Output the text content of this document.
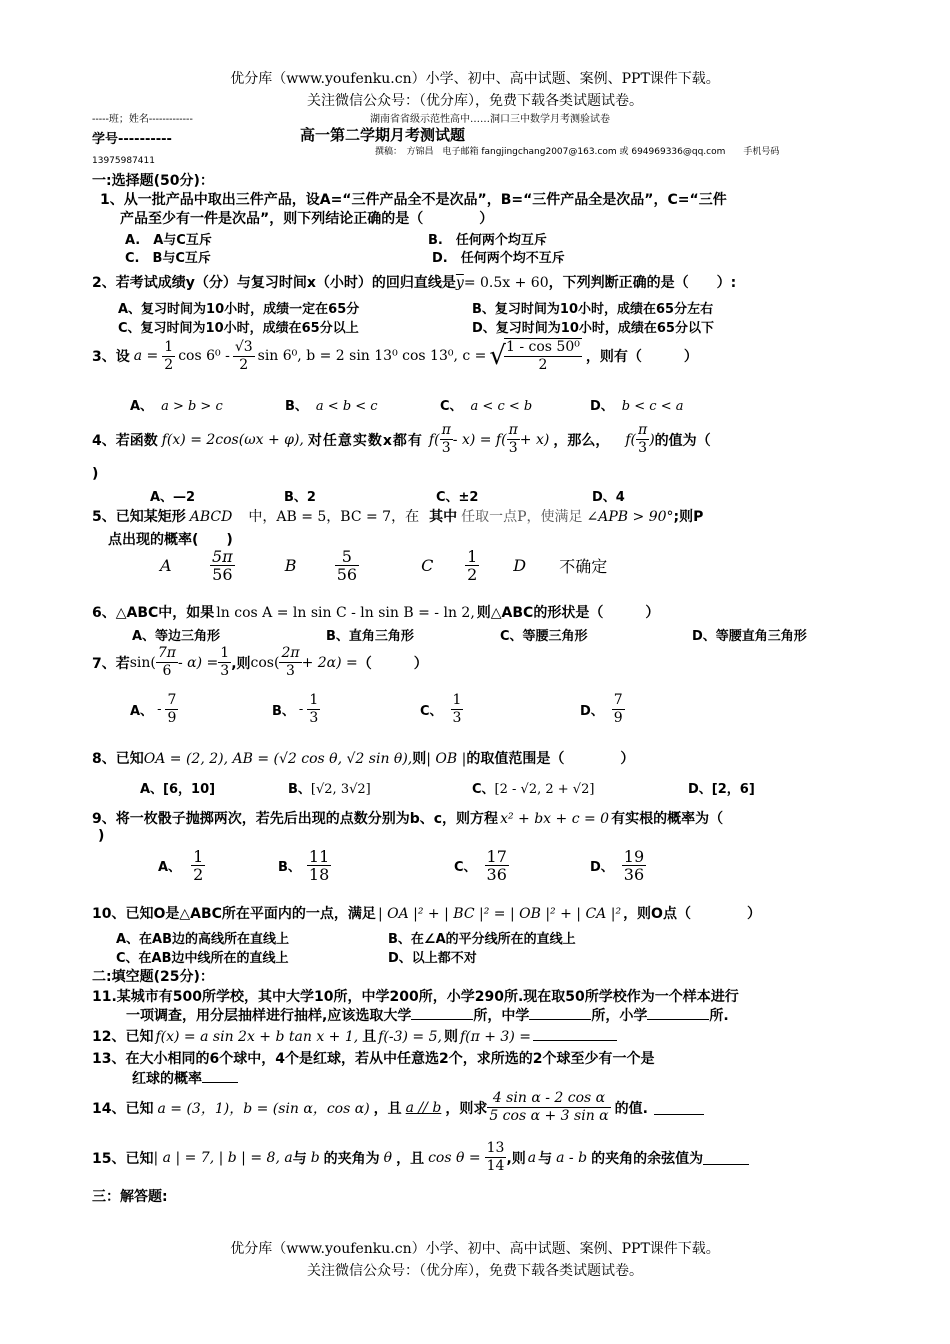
优分库（www.youfenku.cn）小学、初中、高中试题、案例、PPT课件下载。
关注微信公众号：（优分库），免费下载各类试题试卷。
-----班；姓名-------------	湖南省省级示范性高中……洞口三中数学月考测验试卷
学号----------	高一第二学期月考测试题
撰稿：　方锦昌　电子邮箱 fangjingchang2007@163.com 或 694969336@qq.com　　手机号码
13975987411
一:选择题(50分)：
1、从一批产品中取出三件产品，设A=“三件产品全不是次品”，B=“三件产品全是次品”，C=“三件
产品至少有一件是次品”，则下列结论正确的是（　　　　）
A.　A与C互斥	B.　任何两个均互斥
C.　B与C互斥	D.　任何两个均不互斥
2、若考试成绩y（分）与复习时间x（小时）的回归直线是$\overline{y}= 0.5x + 60$，下列判断正确的是（　　）:
A、复习时间为10小时，成绩一定在65分	B、复习时间为10小时，成绩在65分左右
C、复习时间为10小时，成绩在65分以上	D、复习时间为10小时，成绩在65分以下
3、设 $a = \frac{1}{2}$ $\cos 6^0 - \frac{√3}{2}$ sin 6⁰, b = 2 sin 13⁰ cos 13⁰, c = √
$\frac{\text{1 - cos 50⁰}}{2}$ ，则有（　　　）
A、 a > b > c	B、 a < b < c	C、 a < c < b	D、 b < c < a
4、若函数 f(x) = 2cos(ωx + φ), 对任意实数x都有 $f( \frac{\pi}{3} - x) = f( \frac{\pi}{3} + x)$ ，那么， $f( \frac{\pi}{3}$ ) 的值为（
)
A、—2	B、2	C、±2	D、4
5、已知某矩形 ABCD 中，AB = 5，BC = 7，在 其中 任取一点P，使满足 ∠APB > 90°;则P
点出现的概率(　　)
A	$\frac{5\pi}{56}$	B	$\frac{5}{56}$	C	$\frac{1}{2}$ D	不确定
6、△ABC中，如果 ln cos A = ln sin C - ln sin B = - ln 2, 则△ABC的形状是（　　　）
A、等边三角形	B、直角三角形	C、等腰三角形	D、等腰直角三角形
7、若 $\sin( \frac{7\pi}{6} - \alpha) = \frac{1}{3}$ ,则 $\cos( \frac{2\pi}{3} + 2\alpha)$ = （　　　）
A、 - $\frac{7}{9}$	B、 - $\frac{1}{3}$	C、 $\frac{1}{3}$	D、 $\frac{7}{9}$
8、已知OA = (2, 2), AB = (√2 cos θ, √2 sin θ),则| OB |的取值范围是（　　　　）
A、[6，10]	B、[√2, 3√2]	C、[2 - √2, 2 + √2]	D、[2，6]
9、将一枚骰子抛掷两次，若先后出现的点数分别为b、c，则方程 x² + bx + c = 0 有实根的概率为（
)
A、 $\frac{1}{2}$	B、 $\frac{11}{18}$	C、 $\frac{17}{36}$	D、 $\frac{19}{36}$
10、已知O是△ABC所在平面内的一点，满足 | OA |² + | BC |² = | OB |² + | CA |² ，则O点（　　　　）
A、在AB边的高线所在直线上	B、在∠A的平分线所在的直线上
C、在AB边中线所在的直线上	D、以上都不对
二:填空题(25分)：
11.某城市有500所学校，其中大学10所，中学200所，小学290所.现在取50所学校作为一个样本进行
一项调查，用分层抽样进行抽样,应该选取大学	所，中学	所，小学	所.
12、已知 f(x) = a sin 2x + b tan x + 1, 且 f(-3) = 5, 则 f(π + 3) =
13、在大小相同的6个球中，4个是红球，若从中任意选2个，求所选的2个球至少有一个是
红球的概率
14、已知 a = (3，1)，b = (sin α，cos α) ，且 a // b ，则求 $\frac{\text{4 sin α - 2 cos α}}{\text{5 cos α + 3 sin α}}$ 的值.
15、已知 | a | = 7, | b | = 8, a 与 b 的夹角为 θ ，且 $\cos \theta = \frac{13}{14}$ ,则 a 与 a - b 的夹角的余弦值为
三：解答题:
优分库（www.youfenku.cn）小学、初中、高中试题、案例、PPT课件下载。
关注微信公众号：（优分库），免费下载各类试题试卷。
